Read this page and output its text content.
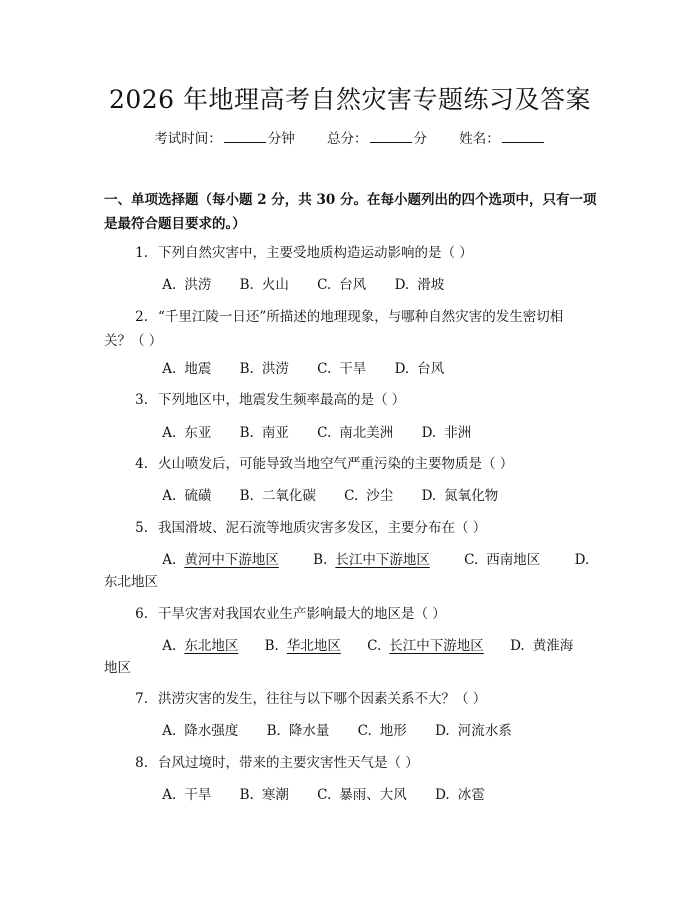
2026 年地理高考自然灾害专题练习及答案
考试时间：	分钟 总分：	分 姓名：
一、单项选择题（每小题 2 分，共 30 分。在每小题列出的四个选项中，只有一项
是最符合题目要求的。）
1. 下列自然灾害中，主要受地质构造运动影响的是（ ）
A. 洪涝 B. 火山 C. 台风 D. 滑坡
2. “千里江陵一日还”所描述的地理现象，与哪种自然灾害的发生密切相
关？（ ）
A. 地震 B. 洪涝 C. 干旱 D. 台风
3. 下列地区中，地震发生频率最高的是（ ）
A. 东亚 B. 南亚 C. 南北美洲 D. 非洲
4. 火山喷发后，可能导致当地空气严重污染的主要物质是（ ）
A. 硫磺 B. 二氧化碳 C. 沙尘 D. 氮氧化物
5. 我国滑坡、泥石流等地质灾害多发区，主要分布在（ ）
A. 黄河中下游地区	B. 长江中下游地区	C. 西南地区	D.
东北地区
6. 干旱灾害对我国农业生产影响最大的地区是（ ）
A. 东北地区 B. 华北地区 C. 长江中下游地区 D. 黄淮海
地区
7. 洪涝灾害的发生，往往与以下哪个因素关系不大？（ ）
A. 降水强度 B. 降水量 C. 地形 D. 河流水系
8. 台风过境时，带来的主要灾害性天气是（ ）
A. 干旱 B. 寒潮 C. 暴雨、大风 D. 冰雹
